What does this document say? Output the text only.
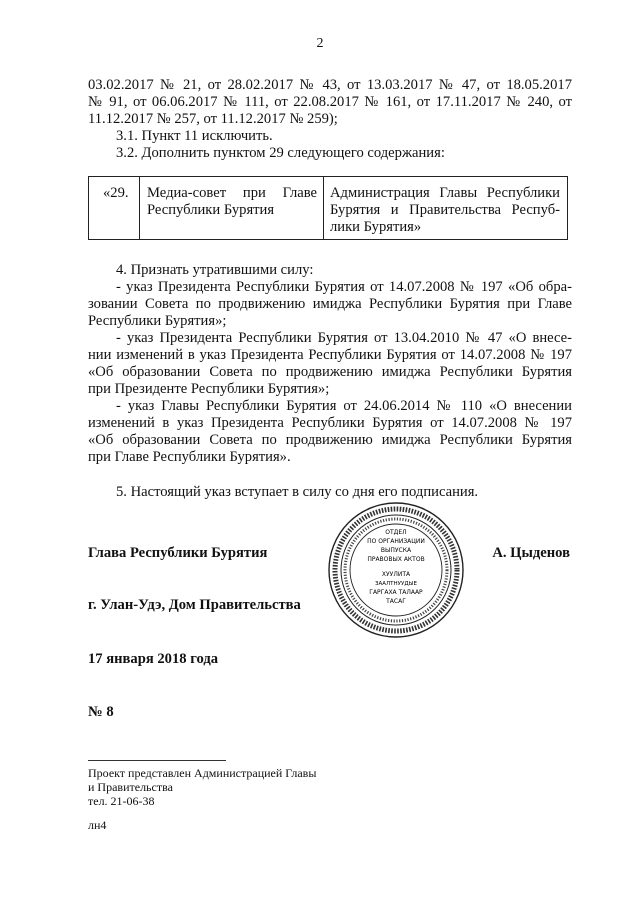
2
03.02.2017 № 21, от 28.02.2017 № 43, от 13.03.2017 № 47, от 18.05.2017
№ 91, от 06.06.2017 № 111, от 22.08.2017 № 161, от 17.11.2017 № 240, от
11.12.2017 № 257, от 11.12.2017 № 259);
3.1. Пункт 11 исключить.
3.2. Дополнить пунктом 29 следующего содержания:
«29. Медиа-совет при Главе
Республики Бурятия
Администрация Главы Республики
Бурятия и Правительства Респуб-
лики Бурятия»
4. Признать утратившими силу:
- указ Президента Республики Бурятия от 14.07.2008 № 197 «Об обра-
зовании Совета по продвижению имиджа Республики Бурятия при Главе
Республики Бурятия»;
- указ Президента Республики Бурятия от 13.04.2010 № 47 «О внесе-
нии изменений в указ Президента Республики Бурятия от 14.07.2008 № 197
«Об образовании Совета по продвижению имиджа Республики Бурятия
при Президенте Республики Бурятия»;
- указ Главы Республики Бурятия от 24.06.2014 № 110 «О внесении
изменений в указ Президента Республики Бурятия от 14.07.2008 № 197
«Об образовании Совета по продвижению имиджа Республики Бурятия
при Главе Республики Бурятия».
5. Настоящий указ вступает в силу со дня его подписания.
ОТДЕЛ
ПО ОРГАНИЗАЦИИ
ВЫПУСКА
ПРАВОВЫХ АКТОВ
ХУУЛИТА
ЗААЛТНУУДЫЕ
ГАРГАХА ТАЛААР
ТАСАГ
Глава Республики Бурятия	А. Цыденов
г. Улан-Удэ, Дом Правительства
17 января 2018 года
№ 8
Проект представлен Администрацией Главы
и Правительства
тел. 21-06-38
лн4
